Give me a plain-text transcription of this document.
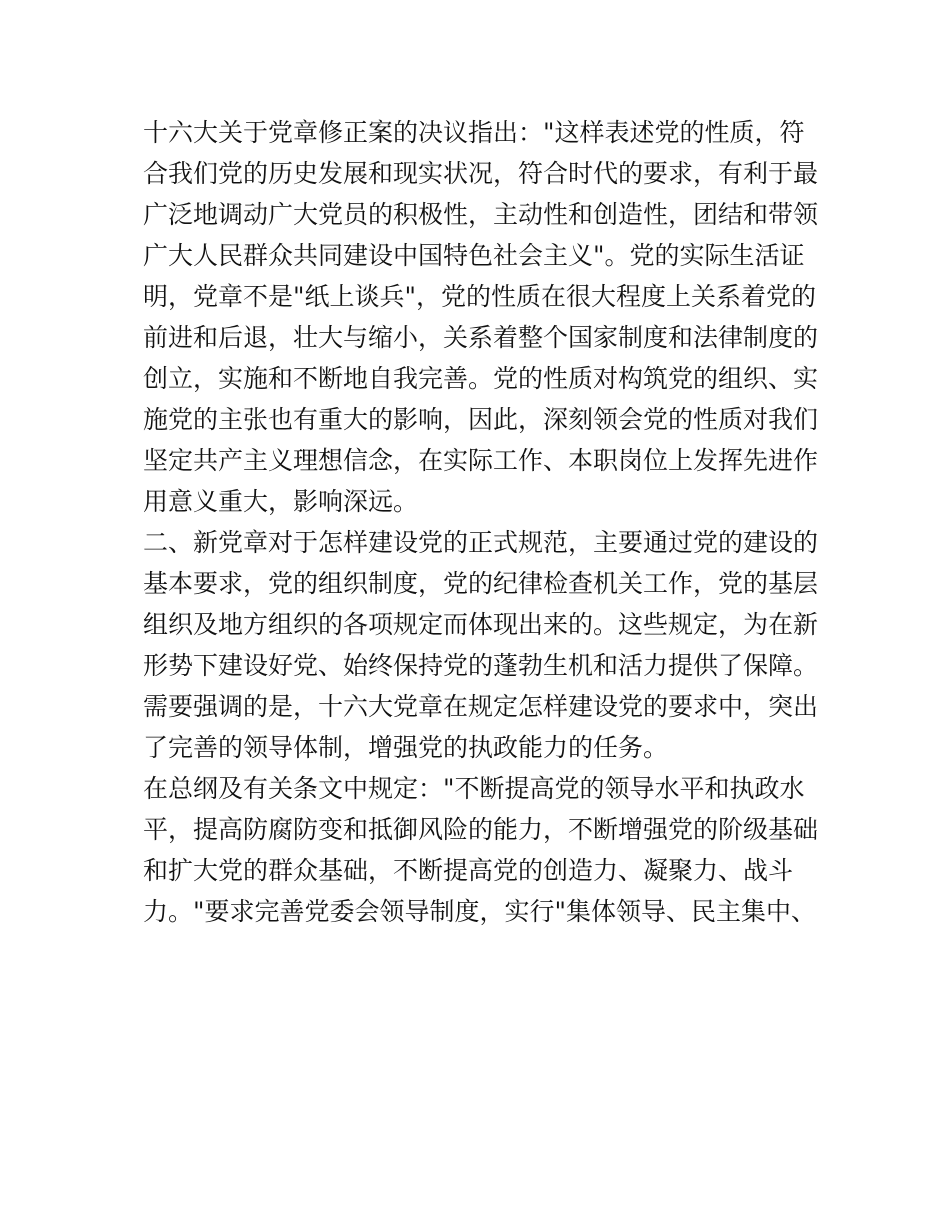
十六大关于党章修正案的决议指出："这样表述党的性质，符
合我们党的历史发展和现实状况，符合时代的要求，有利于最
广泛地调动广大党员的积极性，主动性和创造性，团结和带领
广大人民群众共同建设中国特色社会主义"。党的实际生活证
明，党章不是"纸上谈兵"，党的性质在很大程度上关系着党的
前进和后退，壮大与缩小，关系着整个国家制度和法律制度的
创立，实施和不断地自我完善。党的性质对构筑党的组织、实
施党的主张也有重大的影响，因此，深刻领会党的性质对我们
坚定共产主义理想信念，在实际工作、本职岗位上发挥先进作
用意义重大，影响深远。
二、新党章对于怎样建设党的正式规范，主要通过党的建设的
基本要求，党的组织制度，党的纪律检查机关工作，党的基层
组织及地方组织的各项规定而体现出来的。这些规定，为在新
形势下建设好党、始终保持党的蓬勃生机和活力提供了保障。
需要强调的是，十六大党章在规定怎样建设党的要求中，突出
了完善的领导体制，增强党的执政能力的任务。
在总纲及有关条文中规定："不断提高党的领导水平和执政水
平，提高防腐防变和抵御风险的能力，不断增强党的阶级基础
和扩大党的群众基础，不断提高党的创造力、凝聚力、战斗
力。"要求完善党委会领导制度，实行"集体领导、民主集中、
